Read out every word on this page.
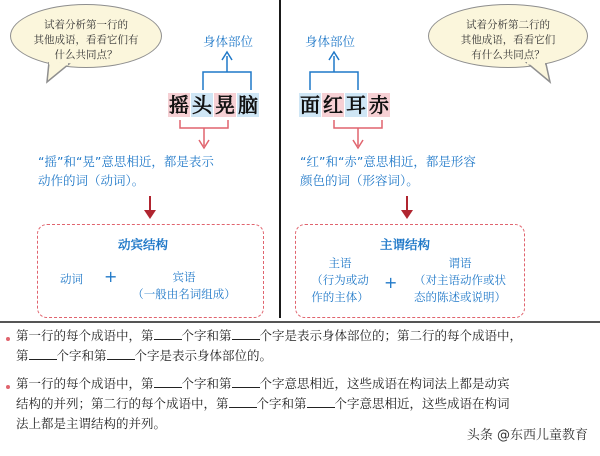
试着分析第一行的
其他成语，看看它们有
什么共同点？
试着分析第二行的
其他成语，看看它们
有什么共同点？
身体部位
摇 头 晃 脑
“摇”和“晃”意思相近，都是表示
动作的词（动词）。
动宾结构
动词 +	宾语
（一般由名词组成）
身体部位
面 红 耳 赤
“红”和“赤”意思相近，都是形容
颜色的词（形容词）。
主谓结构
主语
（行为或动
作的主体）
+
谓语
（对主语动作或状
态的陈述或说明）
第一行的每个成语中，第 个字和第 个字是表示身体部位的；第二行的每个成语中，
第 个字和第 个字是表示身体部位的。
第一行的每个成语中，第 个字和第 个字意思相近，这些成语在构词法上都是动宾
结构的并列；第二行的每个成语中，第 个字和第 个字意思相近，这些成语在构词
法上都是主谓结构的并列。
头条 @东西儿童教育
